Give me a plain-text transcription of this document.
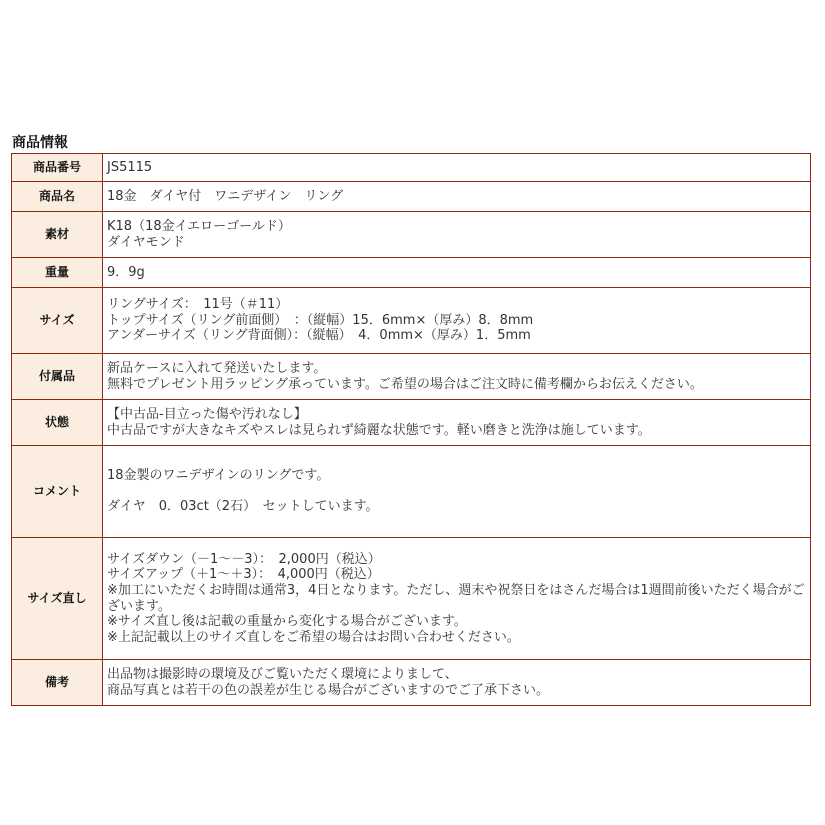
商品情報
商品番号	JS5115

商品名	18金　ダイヤ付　ワニデザイン　リング

素材	K18（18金イエローゴールド）
ダイヤモンド

重量	9．9g

サイズ	リングサイズ：　11号（＃11）
トップサイズ（リング前面側）　：（縦幅）15．6mm×（厚み）8．8mm
アンダーサイズ（リング背面側）：（縦幅）　4．0mm×（厚み）1．5mm

付属品	新品ケースに入れて発送いたします。
無料でプレゼント用ラッピング承っています。ご希望の場合はご注文時に備考欄からお伝えください。

状態	【中古品-目立った傷や汚れなし】
中古品ですが大きなキズやスレは見られず綺麗な状態です。軽い磨きと洗浄は施しています。

コメント	18金製のワニデザインのリングです。
ダイヤ　0．03ct（2石）　セットしています。

サイズ直し	サイズダウン（－1～－3）：　2,000円（税込）
サイズアップ（＋1～＋3）：　4,000円（税込）
※加工にいただくお時間は通常3，4日となります。ただし、週末や祝祭日をはさんだ場合は1週間前後いただく場合がございます。
※サイズ直し後は記載の重量から変化する場合がございます。
※上記記載以上のサイズ直しをご希望の場合はお問い合わせください。

備考	出品物は撮影時の環境及びご覧いただく環境によりまして、
商品写真とは若干の色の誤差が生じる場合がございますのでご了承下さい。
